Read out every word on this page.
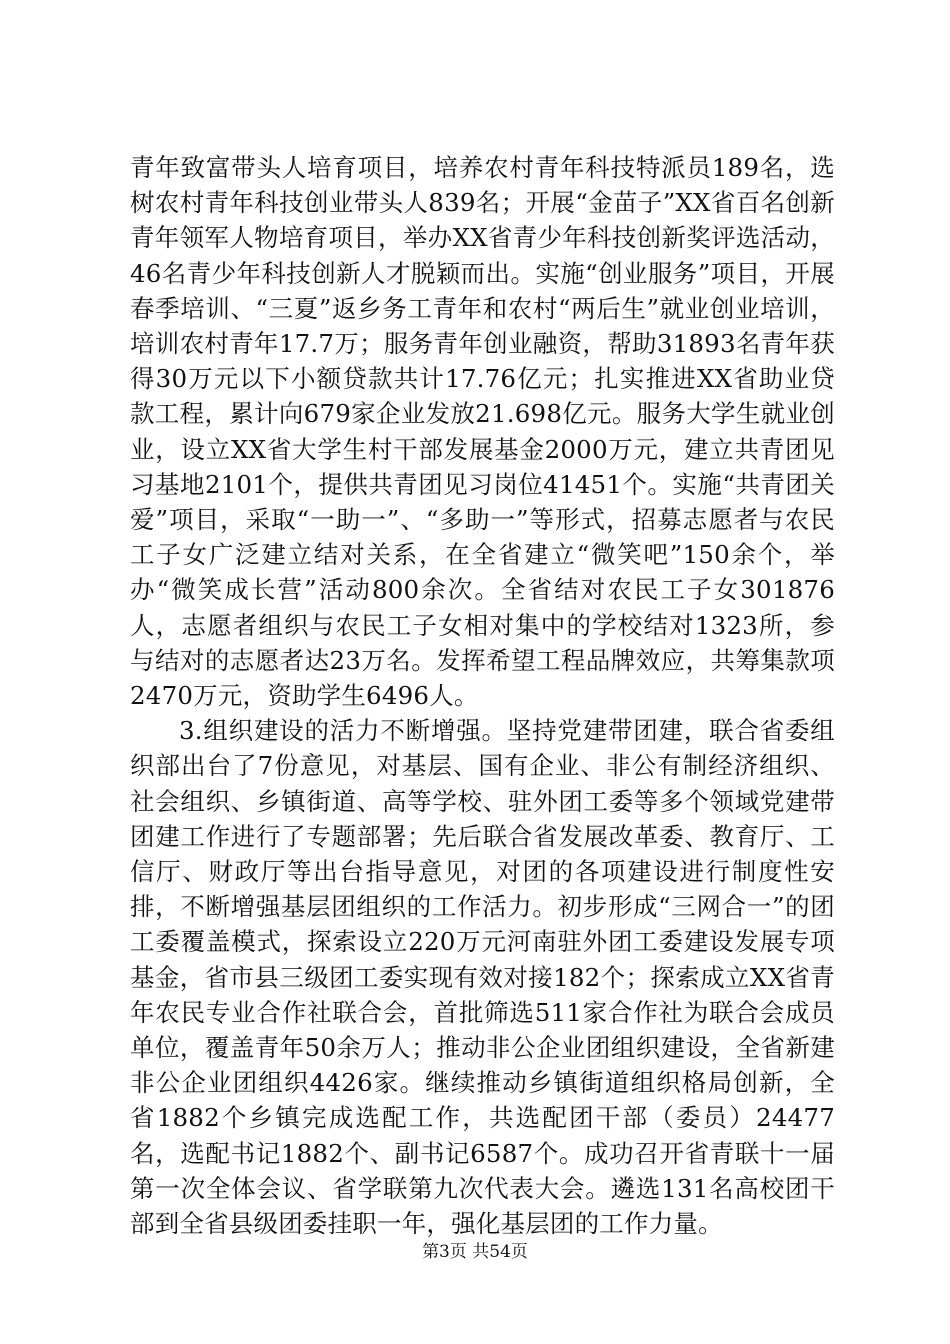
青年致富带头人培育项目，培养农村青年科技特派员189名，选树农村青年科技创业带头人839名；开展“金苗子”XX省百名创新青年领军人物培育项目，举办XX省青少年科技创新奖评选活动，46名青少年科技创新人才脱颖而出。实施“创业服务”项目，开展春季培训、“三夏”返乡务工青年和农村“两后生”就业创业培训，培训农村青年17.7万；服务青年创业融资，帮助31893名青年获得30万元以下小额贷款共计17.76亿元；扎实推进XX省助业贷款工程，累计向679家企业发放21.698亿元。服务大学生就业创业，设立XX省大学生村干部发展基金2000万元，建立共青团见习基地2101个，提供共青团见习岗位41451个。实施“共青团关爱”项目，采取“一助一”、“多助一”等形式，招募志愿者与农民工子女广泛建立结对关系，在全省建立“微笑吧”150余个，举办“微笑成长营”活动800余次。全省结对农民工子女301876人，志愿者组织与农民工子女相对集中的学校结对1323所，参与结对的志愿者达23万名。发挥希望工程品牌效应，共筹集款项2470万元，资助学生6496人。

3.组织建设的活力不断增强。坚持党建带团建，联合省委组织部出台了7份意见，对基层、国有企业、非公有制经济组织、社会组织、乡镇街道、高等学校、驻外团工委等多个领域党建带团建工作进行了专题部署；先后联合省发展改革委、教育厅、工信厅、财政厅等出台指导意见，对团的各项建设进行制度性安排，不断增强基层团组织的工作活力。初步形成“三网合一”的团工委覆盖模式，探索设立220万元河南驻外团工委建设发展专项基金，省市县三级团工委实现有效对接182个；探索成立XX省青年农民专业合作社联合会，首批筛选511家合作社为联合会成员单位，覆盖青年50余万人；推动非公企业团组织建设，全省新建非公企业团组织4426家。继续推动乡镇街道组织格局创新，全省1882个乡镇完成选配工作，共选配团干部（委员）24477名，选配书记1882个、副书记6587个。成功召开省青联十一届第一次全体会议、省学联第九次代表大会。遴选131名高校团干部到全省县级团委挂职一年，强化基层团的工作力量。

第3页 共54页
